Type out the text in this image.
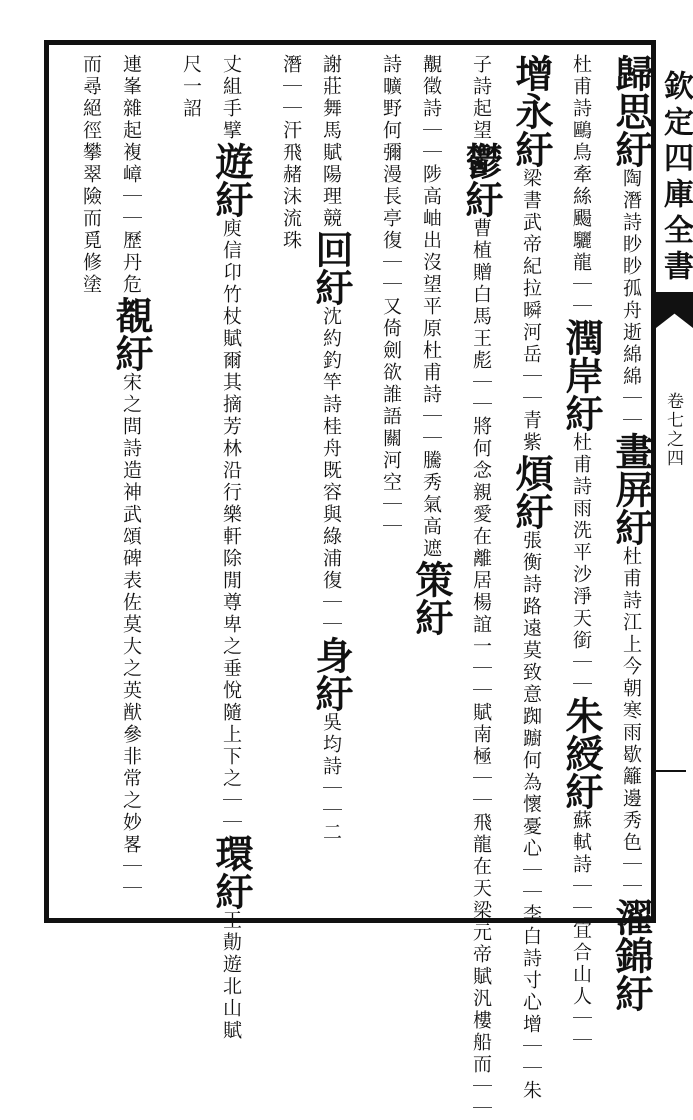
欽定四庫全書
卷七之四
歸思紆陶潛詩眇眇孤舟逝綿綿｜｜畫屏紆杜甫詩江上今朝寒雨歇籬邊秀色｜｜濯錦紆
杜甫詩鷗鳥牽絲颺驪龍｜｜潤岸紆杜甫詩雨洗平沙淨天銜｜｜朱綬紆蘇軾詩｜｜宜合山人｜｜
增永紆梁書武帝紀拉𣊬河岳｜｜青紫煩紆張衡詩路遠莫致意踟躕何為懷憂心｜｜李白詩寸心增｜｜朱
子詩起望鬱紆曹植贈白馬王彪｜｜將何念親愛在離居楊誼一｜｜賦南極｜｜飛龍在天梁元帝賦汎樓船而｜｜
覯徵詩｜｜陟高岫出沒望平原杜甫詩｜｜騰秀氣高遮策紆
詩曠野何彌漫長亭復｜｜又倚劍欲誰語關河空｜｜
謝莊舞馬賦陽理競回紆沈約釣竿詩桂舟既容與綠浦復｜｜身紆吳均詩｜｜二
潛｜｜汗飛赭沫流珠
丈組手擘遊紆庾信卬竹杖賦爾其摘芳林沿行樂軒除閒尊卑之垂悅隨上下之｜｜環紆王勣遊北山賦
尺一詔
連峯雜起複嶂｜｜歷丹危覩紆宋之問詩造神武頌碑表佐莫大之英猷參非常之妙畧｜｜
而尋絕徑攀翠險而覓修塗
